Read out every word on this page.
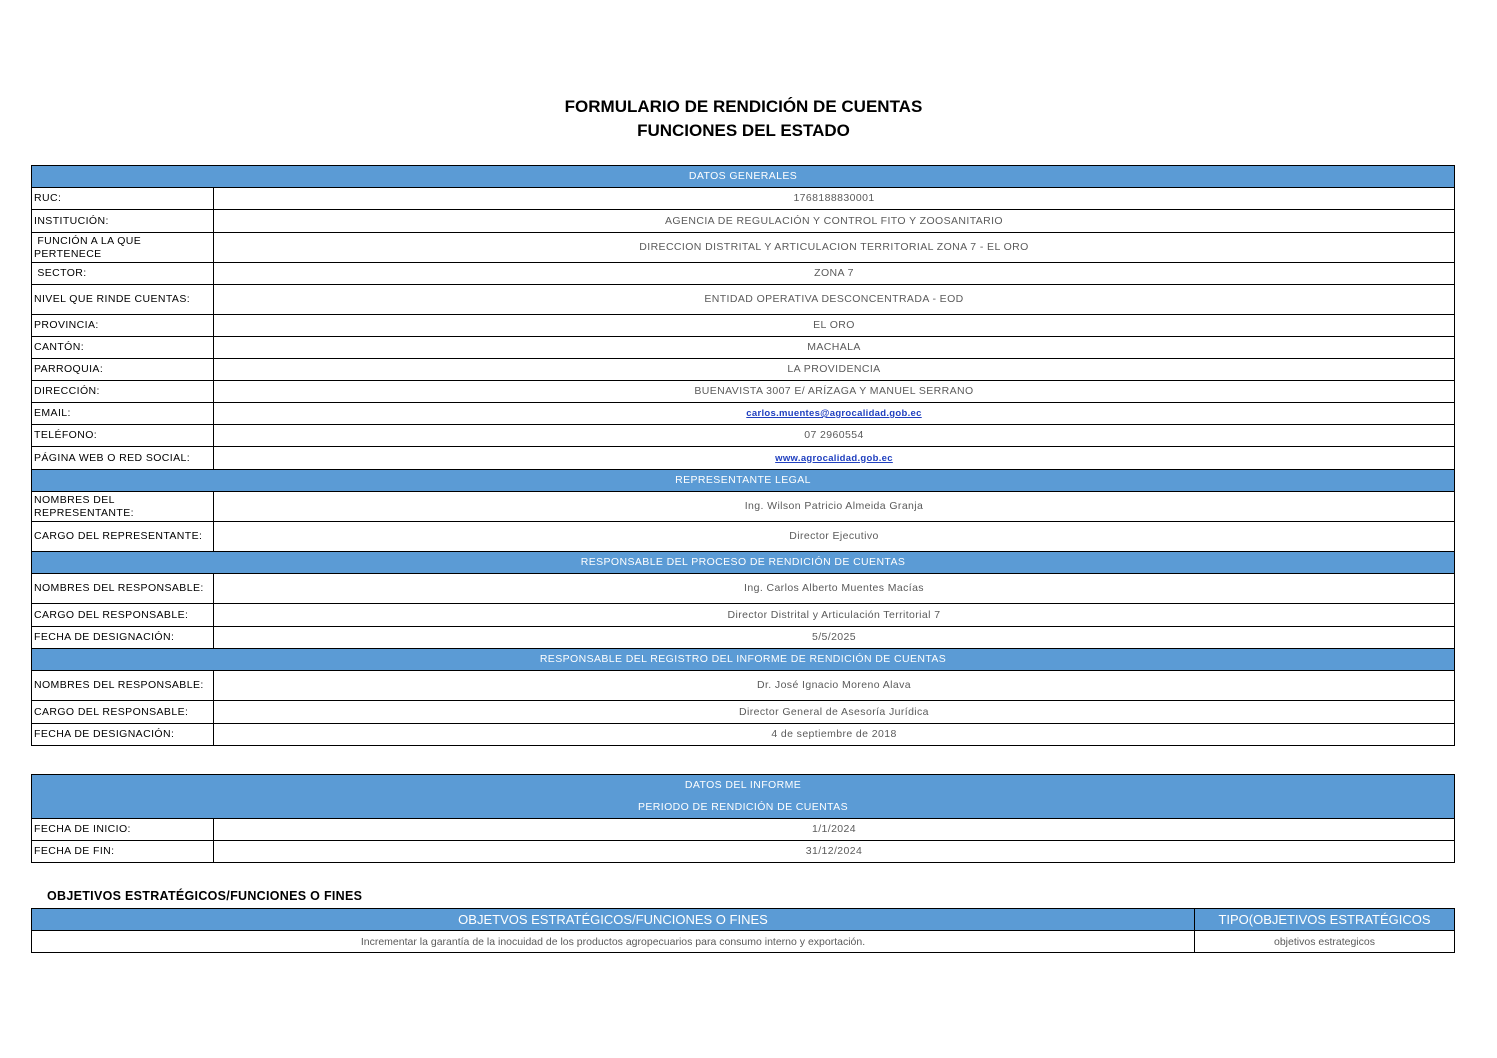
FORMULARIO DE RENDICIÓN DE CUENTAS
FUNCIONES DEL ESTADO
DATOS GENERALES	
RUC:	1768188830001
INSTITUCIÓN:	AGENCIA DE REGULACIÓN Y CONTROL FITO Y ZOOSANITARIO
FUNCIÓN A LA QUE PERTENECE	DIRECCION DISTRITAL Y ARTICULACION TERRITORIAL ZONA 7 - EL ORO
SECTOR:	ZONA 7
NIVEL QUE RINDE CUENTAS:	ENTIDAD OPERATIVA DESCONCENTRADA - EOD
PROVINCIA:	EL ORO
CANTÓN:	MACHALA
PARROQUIA:	LA PROVIDENCIA
DIRECCIÓN:	BUENAVISTA 3007 E/ ARÍZAGA Y MANUEL SERRANO
EMAIL:	carlos.muentes@agrocalidad.gob.ec
TELÉFONO:	07 2960554
PÁGINA WEB O RED SOCIAL:	www.agrocalidad.gob.ec
REPRESENTANTE LEGAL	
NOMBRES DEL REPRESENTANTE:	Ing. Wilson Patricio Almeida Granja
CARGO DEL REPRESENTANTE:	Director Ejecutivo
RESPONSABLE DEL PROCESO DE RENDICIÓN DE CUENTAS	
NOMBRES DEL RESPONSABLE:	Ing. Carlos Alberto Muentes Macías
CARGO DEL RESPONSABLE:	Director Distrital y Articulación Territorial 7
FECHA DE DESIGNACIÓN:	5/5/2025
RESPONSABLE DEL REGISTRO DEL INFORME DE RENDICIÓN DE CUENTAS	
NOMBRES DEL RESPONSABLE:	Dr. José Ignacio Moreno Alava
CARGO DEL RESPONSABLE:	Director General de Asesoría Jurídica
FECHA DE DESIGNACIÓN:	4 de septiembre de 2018
DATOS DEL INFORME	
PERIODO DE RENDICIÓN DE CUENTAS	
FECHA DE INICIO:	1/1/2024
FECHA DE FIN:	31/12/2024
OBJETIVOS ESTRATÉGICOS/FUNCIONES O FINES
OBJETVOS ESTRATÉGICOS/FUNCIONES O FINES	TIPO(OBJETIVOS ESTRATÉGICOS
Incrementar la garantía de la inocuidad de los productos agropecuarios para consumo interno y exportación.	objetivos estrategicos
